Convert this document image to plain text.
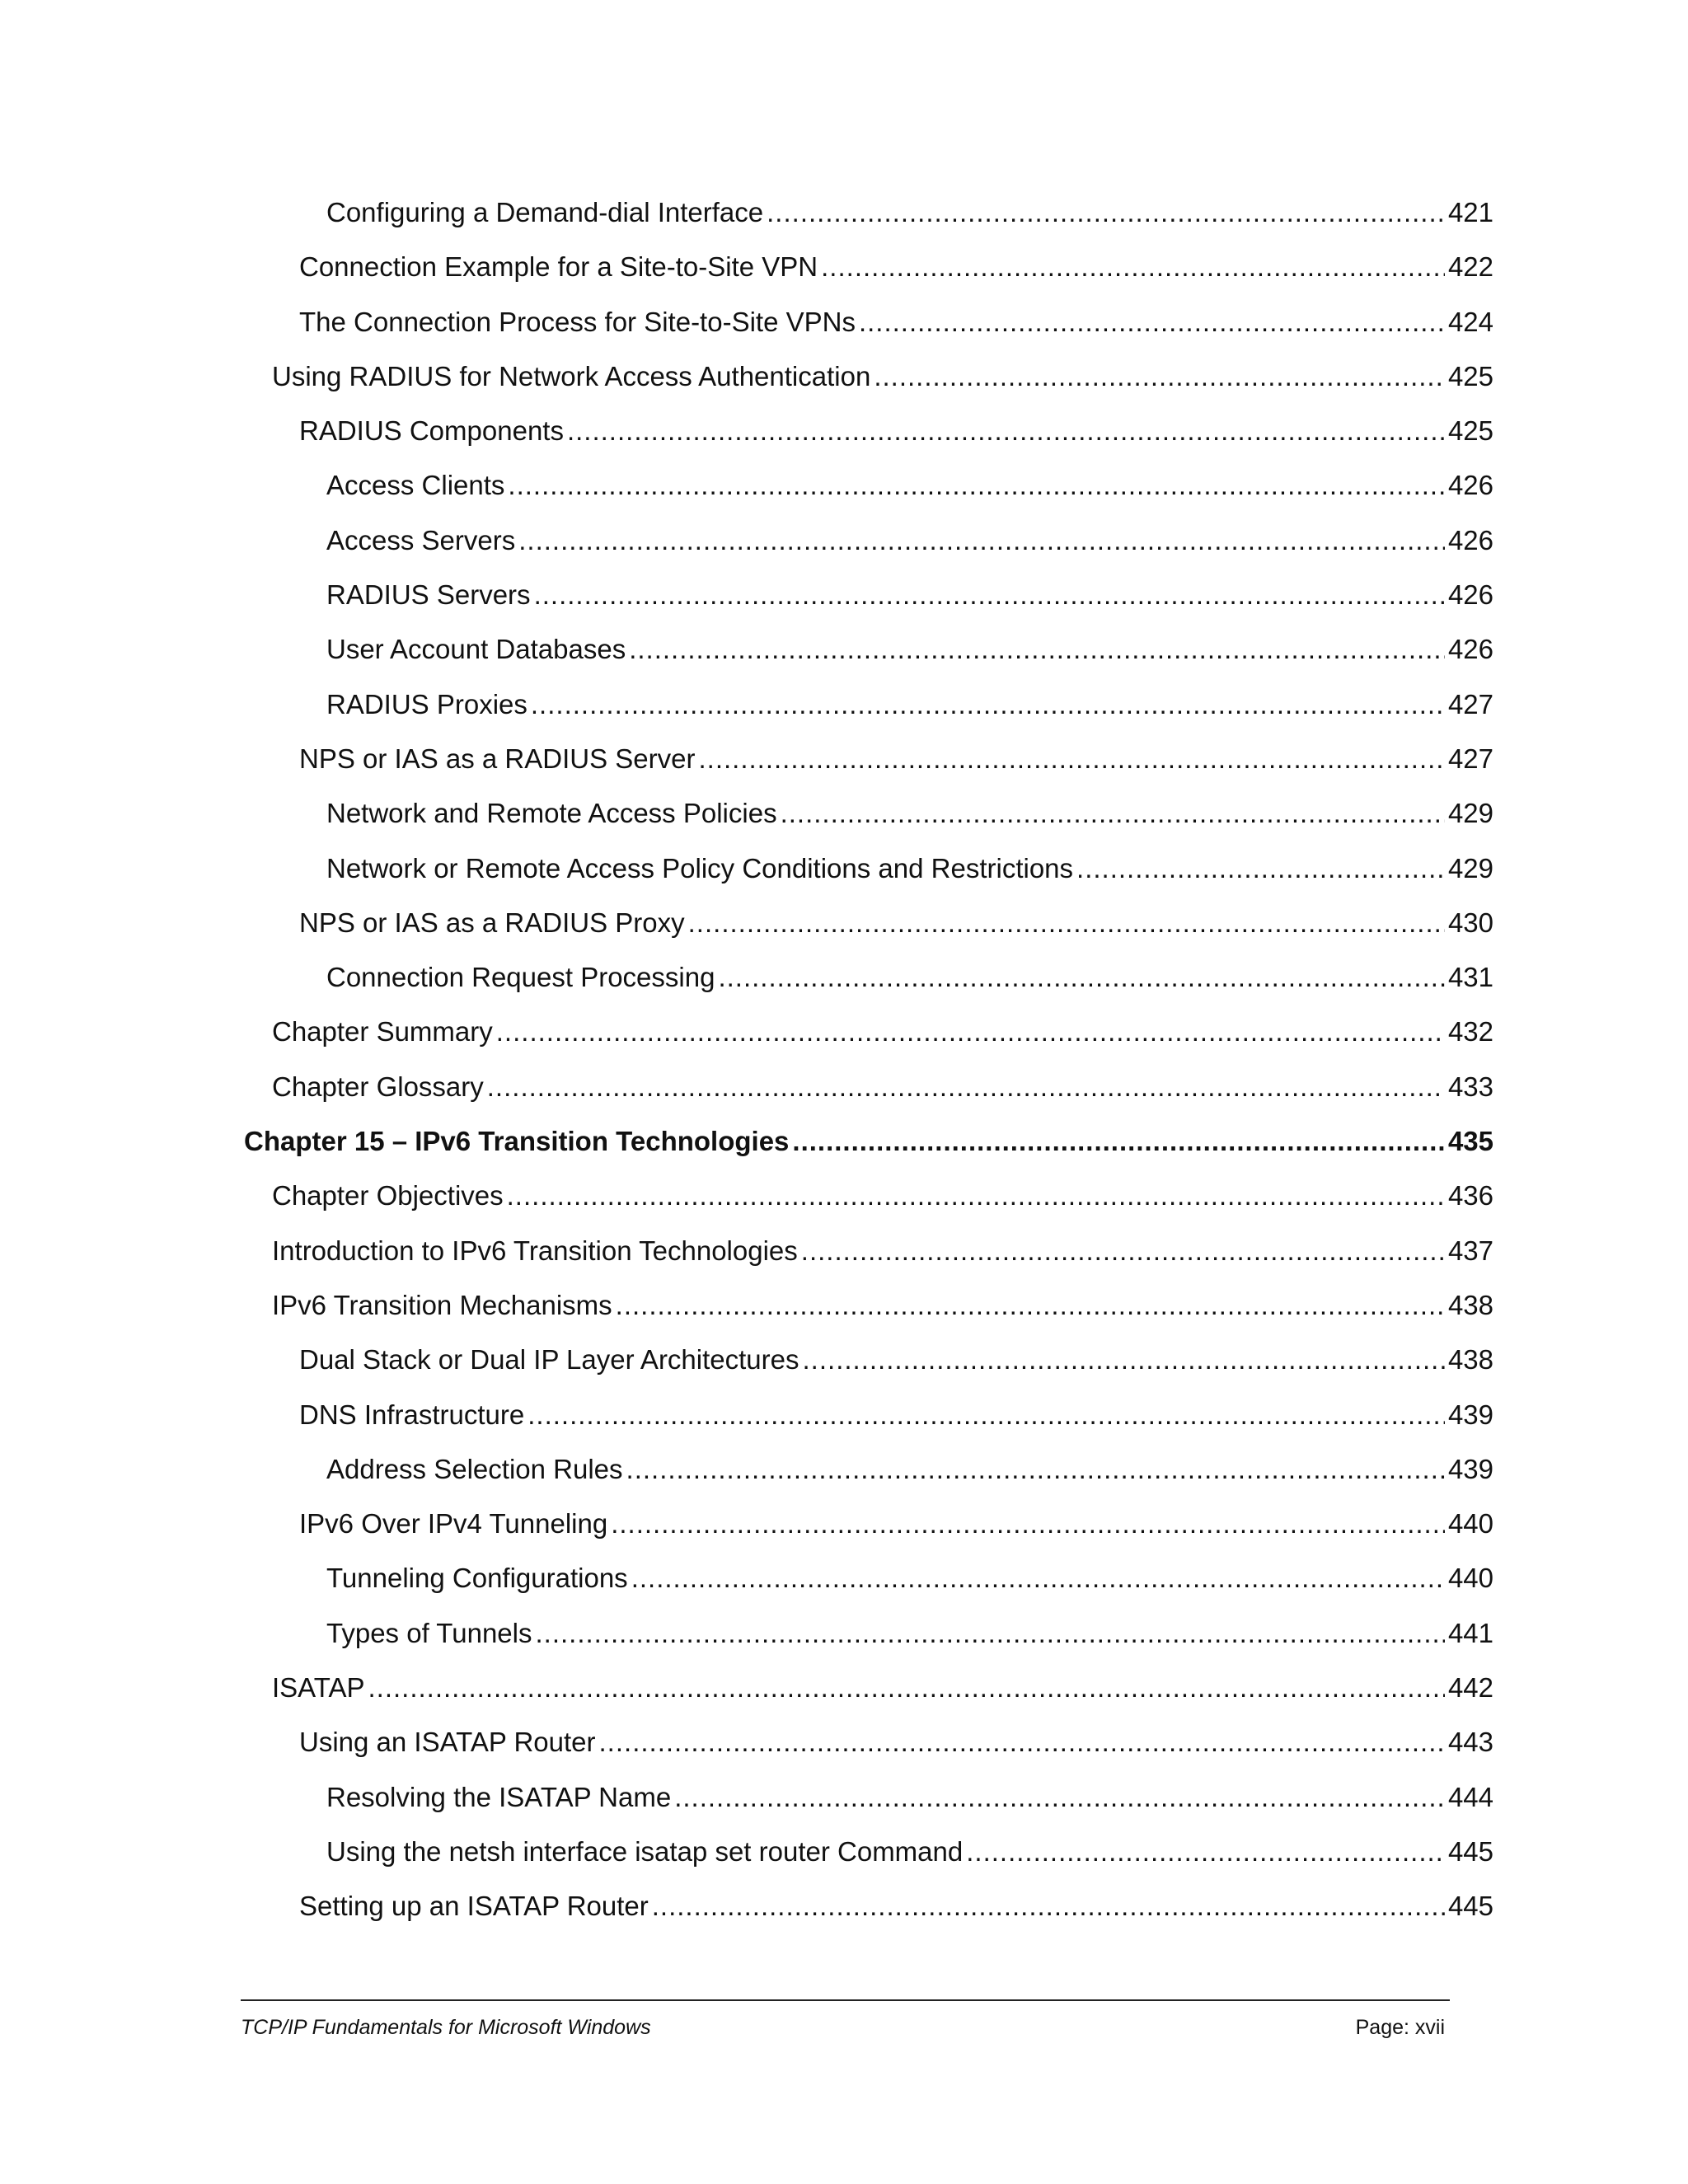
Configuring a Demand-dial Interface .....	421
Connection Example for a Site-to-Site VPN .....	422
The Connection Process for Site-to-Site VPNs .....	424
Using RADIUS for Network Access Authentication .....	425
RADIUS Components .....	425
Access Clients .....	426
Access Servers .....	426
RADIUS Servers .....	426
User Account Databases .....	426
RADIUS Proxies .....	427
NPS or IAS as a RADIUS Server .....	427
Network and Remote Access Policies .....	429
Network or Remote Access Policy Conditions and Restrictions .....	429
NPS or IAS as a RADIUS Proxy .....	430
Connection Request Processing .....	431
Chapter Summary .....	432
Chapter Glossary .....	433
Chapter 15 – IPv6 Transition Technologies .....	435
Chapter Objectives .....	436
Introduction to IPv6 Transition Technologies .....	437
IPv6 Transition Mechanisms .....	438
Dual Stack or Dual IP Layer Architectures .....	438
DNS Infrastructure .....	439
Address Selection Rules .....	439
IPv6 Over IPv4 Tunneling .....	440
Tunneling Configurations .....	440
Types of Tunnels .....	441
ISATAP .....	442
Using an ISATAP Router .....	443
Resolving the ISATAP Name .....	444
Using the netsh interface isatap set router Command .....	445
Setting up an ISATAP Router .....	445
TCP/IP Fundamentals for Microsoft Windows	Page: xvii
